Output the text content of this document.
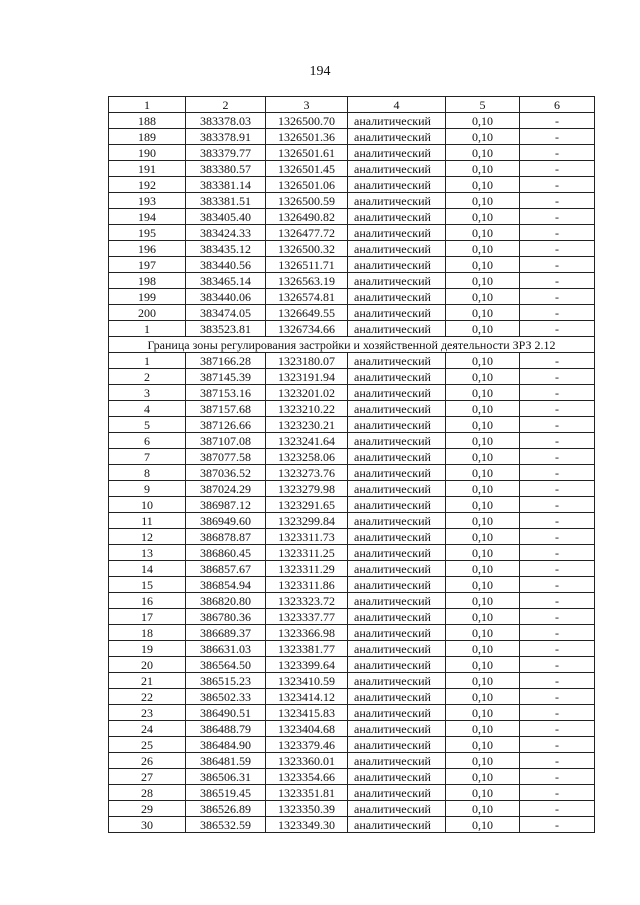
194
1	2	3	4	5	6
188	383378.03	1326500.70	аналитический	0,10	-
189	383378.91	1326501.36	аналитический	0,10	-
190	383379.77	1326501.61	аналитический	0,10	-
191	383380.57	1326501.45	аналитический	0,10	-
192	383381.14	1326501.06	аналитический	0,10	-
193	383381.51	1326500.59	аналитический	0,10	-
194	383405.40	1326490.82	аналитический	0,10	-
195	383424.33	1326477.72	аналитический	0,10	-
196	383435.12	1326500.32	аналитический	0,10	-
197	383440.56	1326511.71	аналитический	0,10	-
198	383465.14	1326563.19	аналитический	0,10	-
199	383440.06	1326574.81	аналитический	0,10	-
200	383474.05	1326649.55	аналитический	0,10	-
1	383523.81	1326734.66	аналитический	0,10	-
Граница зоны регулирования застройки и хозяйственной деятельности ЗРЗ 2.12					
1	387166.28	1323180.07	аналитический	0,10	-
2	387145.39	1323191.94	аналитический	0,10	-
3	387153.16	1323201.02	аналитический	0,10	-
4	387157.68	1323210.22	аналитический	0,10	-
5	387126.66	1323230.21	аналитический	0,10	-
6	387107.08	1323241.64	аналитический	0,10	-
7	387077.58	1323258.06	аналитический	0,10	-
8	387036.52	1323273.76	аналитический	0,10	-
9	387024.29	1323279.98	аналитический	0,10	-
10	386987.12	1323291.65	аналитический	0,10	-
11	386949.60	1323299.84	аналитический	0,10	-
12	386878.87	1323311.73	аналитический	0,10	-
13	386860.45	1323311.25	аналитический	0,10	-
14	386857.67	1323311.29	аналитический	0,10	-
15	386854.94	1323311.86	аналитический	0,10	-
16	386820.80	1323323.72	аналитический	0,10	-
17	386780.36	1323337.77	аналитический	0,10	-
18	386689.37	1323366.98	аналитический	0,10	-
19	386631.03	1323381.77	аналитический	0,10	-
20	386564.50	1323399.64	аналитический	0,10	-
21	386515.23	1323410.59	аналитический	0,10	-
22	386502.33	1323414.12	аналитический	0,10	-
23	386490.51	1323415.83	аналитический	0,10	-
24	386488.79	1323404.68	аналитический	0,10	-
25	386484.90	1323379.46	аналитический	0,10	-
26	386481.59	1323360.01	аналитический	0,10	-
27	386506.31	1323354.66	аналитический	0,10	-
28	386519.45	1323351.81	аналитический	0,10	-
29	386526.89	1323350.39	аналитический	0,10	-
30	386532.59	1323349.30	аналитический	0,10	-
